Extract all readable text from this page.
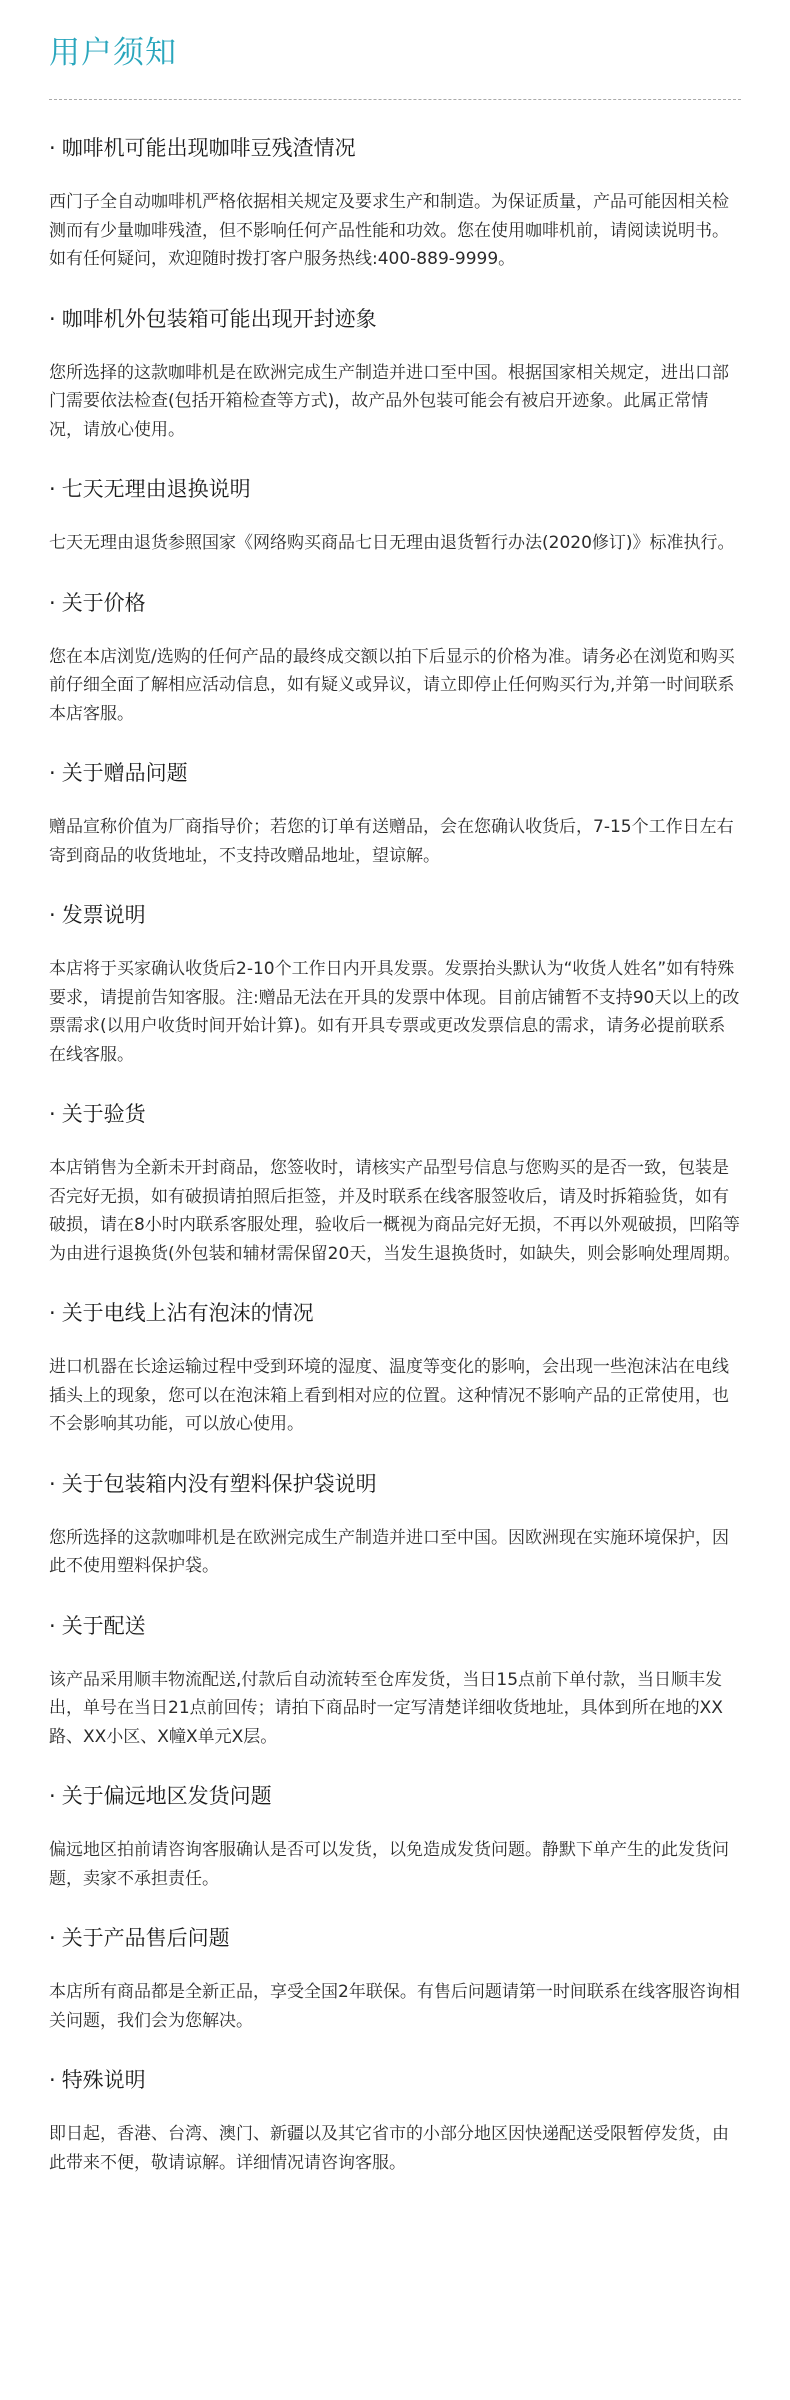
用户须知
· 咖啡机可能出现咖啡豆残渣情况

西门子全自动咖啡机严格依据相关规定及要求生产和制造。为保证质量，产品可能因相关检测而有少量咖啡残渣，但不影响任何产品性能和功效。您在使用咖啡机前，请阅读说明书。

如有任何疑问，欢迎随时拨打客户服务热线:400-889-9999。

· 咖啡机外包装箱可能出现开封迹象

您所选择的这款咖啡机是在欧洲完成生产制造并进口至中国。根据国家相关规定，进出口部门需要依法检查(包括开箱检查等方式)，故产品外包装可能会有被启开迹象。此属正常情况，请放心使用。

· 七天无理由退换说明

七天无理由退货参照国家《网络购买商品七日无理由退货暂行办法(2020修订)》标准执行。

· 关于价格

您在本店浏览/选购的任何产品的最终成交额以拍下后显示的价格为准。请务必在浏览和购买前仔细全面了解相应活动信息，如有疑义或异议，请立即停止任何购买行为,并第一时间联系本店客服。

· 关于赠品问题

赠品宣称价值为厂商指导价；若您的订单有送赠品，会在您确认收货后，7-15个工作日左右寄到商品的收货地址，不支持改赠品地址，望谅解。

· 发票说明

本店将于买家确认收货后2-10个工作日内开具发票。发票抬头默认为“收货人姓名”如有特殊要求，请提前告知客服。注:赠品无法在开具的发票中体现。目前店铺暂不支持90天以上的改票需求(以用户收货时间开始计算)。如有开具专票或更改发票信息的需求，请务必提前联系在线客服。

· 关于验货

本店销售为全新未开封商品，您签收时，请核实产品型号信息与您购买的是否一致，包装是否完好无损，如有破损请拍照后拒签，并及时联系在线客服签收后，请及时拆箱验货，如有破损，请在8小时内联系客服处理，验收后一概视为商品完好无损，不再以外观破损，凹陷等为由进行退换货(外包装和辅材需保留20天，当发生退换货时，如缺失，则会影响处理周期。

· 关于电线上沾有泡沫的情况

进口机器在长途运输过程中受到环境的湿度、温度等变化的影响，会出现一些泡沫沾在电线插头上的现象，您可以在泡沫箱上看到相对应的位置。这种情况不影响产品的正常使用，也不会影响其功能，可以放心使用。

· 关于包装箱内没有塑料保护袋说明

您所选择的这款咖啡机是在欧洲完成生产制造并进口至中国。因欧洲现在实施环境保护，因此不使用塑料保护袋。

· 关于配送

该产品采用顺丰物流配送,付款后自动流转至仓库发货，当日15点前下单付款，当日顺丰发出，单号在当日21点前回传；请拍下商品时一定写清楚详细收货地址，具体到所在地的XX路、XX小区、X幢X单元X层。

· 关于偏远地区发货问题

偏远地区拍前请咨询客服确认是否可以发货，以免造成发货问题。静默下单产生的此发货问题，卖家不承担责任。

· 关于产品售后问题

本店所有商品都是全新正品，享受全国2年联保。有售后问题请第一时间联系在线客服咨询相关问题，我们会为您解决。

· 特殊说明

即日起，香港、台湾、澳门、新疆以及其它省市的小部分地区因快递配送受限暂停发货，由此带来不便，敬请谅解。详细情况请咨询客服。
